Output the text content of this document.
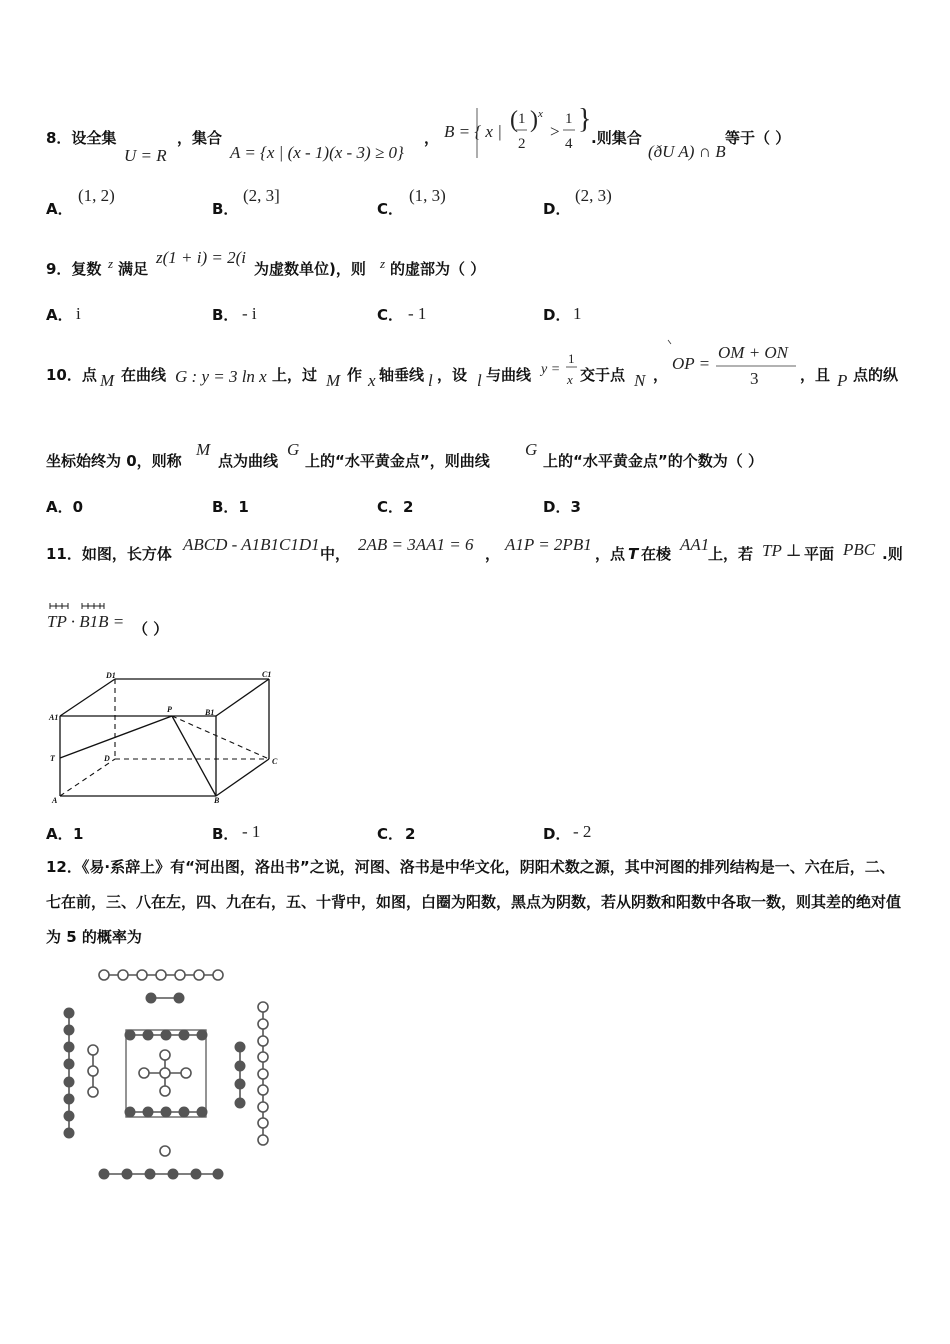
8．设全集
U = R
，集合
A = {x | (x - 1)(x - 3) ≥ 0}
， B = { x | ( 1
2
) x
>
1
4
}
.则集合
(ðU A) ∩ B
等于（ ）
A．
(1, 2)
B．
(2, 3]
C．
(1, 3)
D．
(2, 3)
9．复数 z 满足
z(1 + i) = 2(i
为虚数单位)，则 z 的虚部为（ ）
A． i	B． - i	C． - 1	D． 1
10．点 M 在曲线 G : y = 3 ln x 上，过 M 作 x 轴垂线 l ，设 l 与曲线 y =
1
x 交于点 N ，
OP =
OM + ON
3	，且 P 点的纵
坐标始终为 0，则称
M
点为曲线
G
上的“水平黄金点”，则曲线
G
上的“水平黄金点”的个数为（ ）
A．0	B．1	C．2	D．3
11．如图，长方体 ABCD - A1B1C1D1 中， 2AB = 3AA1 = 6 ， A1P = 2PB1 ，点 T 在棱 AA1
上，若 TP ⊥ 平面 PBC .则
TP · B1B = （ ）
D1	C1
A1
P	B1
T	D	C
A	B
A． 1	B． - 1	C． 2	D． - 2
12．《易·系辞上》有“河出图，洛出书”之说，河图、洛书是中华文化，阴阳术数之源，其中河图的排列结构是一、六在后，二、七在前，三、八在左，四、九在右，五、十背中，如图，白圈为阳数，黑点为阴数，若从阴数和阳数中各取一数，则其差的绝对值为 5 的概率为
